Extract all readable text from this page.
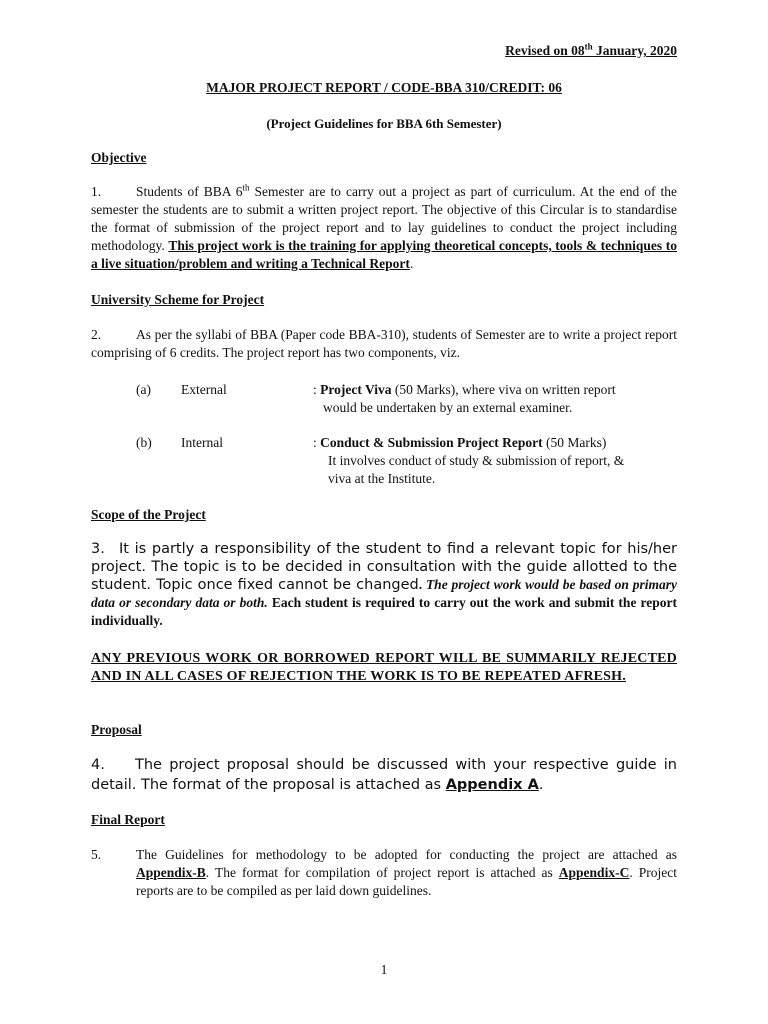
Revised on 08th January, 2020
MAJOR PROJECT REPORT / CODE-BBA 310/CREDIT: 06
(Project Guidelines for BBA 6th Semester)
Objective
1.	Students of BBA 6th Semester are to carry out a project as part of curriculum. At the end of the semester the students are to submit a written project report. The objective of this Circular is to standardise the format of submission of the project report and to lay guidelines to conduct the project including methodology. This project work is the training for applying theoretical concepts, tools & techniques to a live situation/problem and writing a Technical Report.
University Scheme for Project
2.	As per the syllabi of BBA (Paper code BBA-310), students of Semester are to write a project report comprising of 6 credits. The project report has two components, viz.
(a) External	: Project Viva (50 Marks), where viva on written report
would be undertaken by an external examiner.
(b) Internal	: Conduct & Submission Project Report (50 Marks)
It involves conduct of study & submission of report, &
viva at the Institute.
Scope of the Project
3. It is partly a responsibility of the student to find a relevant topic for his/her project. The topic is to be decided in consultation with the guide allotted to the student. Topic once fixed cannot be changed. The project work would be based on primary data or secondary data or both. Each student is required to carry out the work and submit the report individually.
ANY PREVIOUS WORK OR BORROWED REPORT WILL BE SUMMARILY REJECTED AND IN ALL CASES OF REJECTION THE WORK IS TO BE REPEATED AFRESH.
Proposal
4. The project proposal should be discussed with your respective guide in detail. The format of the proposal is attached as Appendix A.
Final Report
5.	The Guidelines for methodology to be adopted for conducting the project are attached as Appendix-B. The format for compilation of project report is attached as Appendix-C. Project reports are to be compiled as per laid down guidelines.
1
